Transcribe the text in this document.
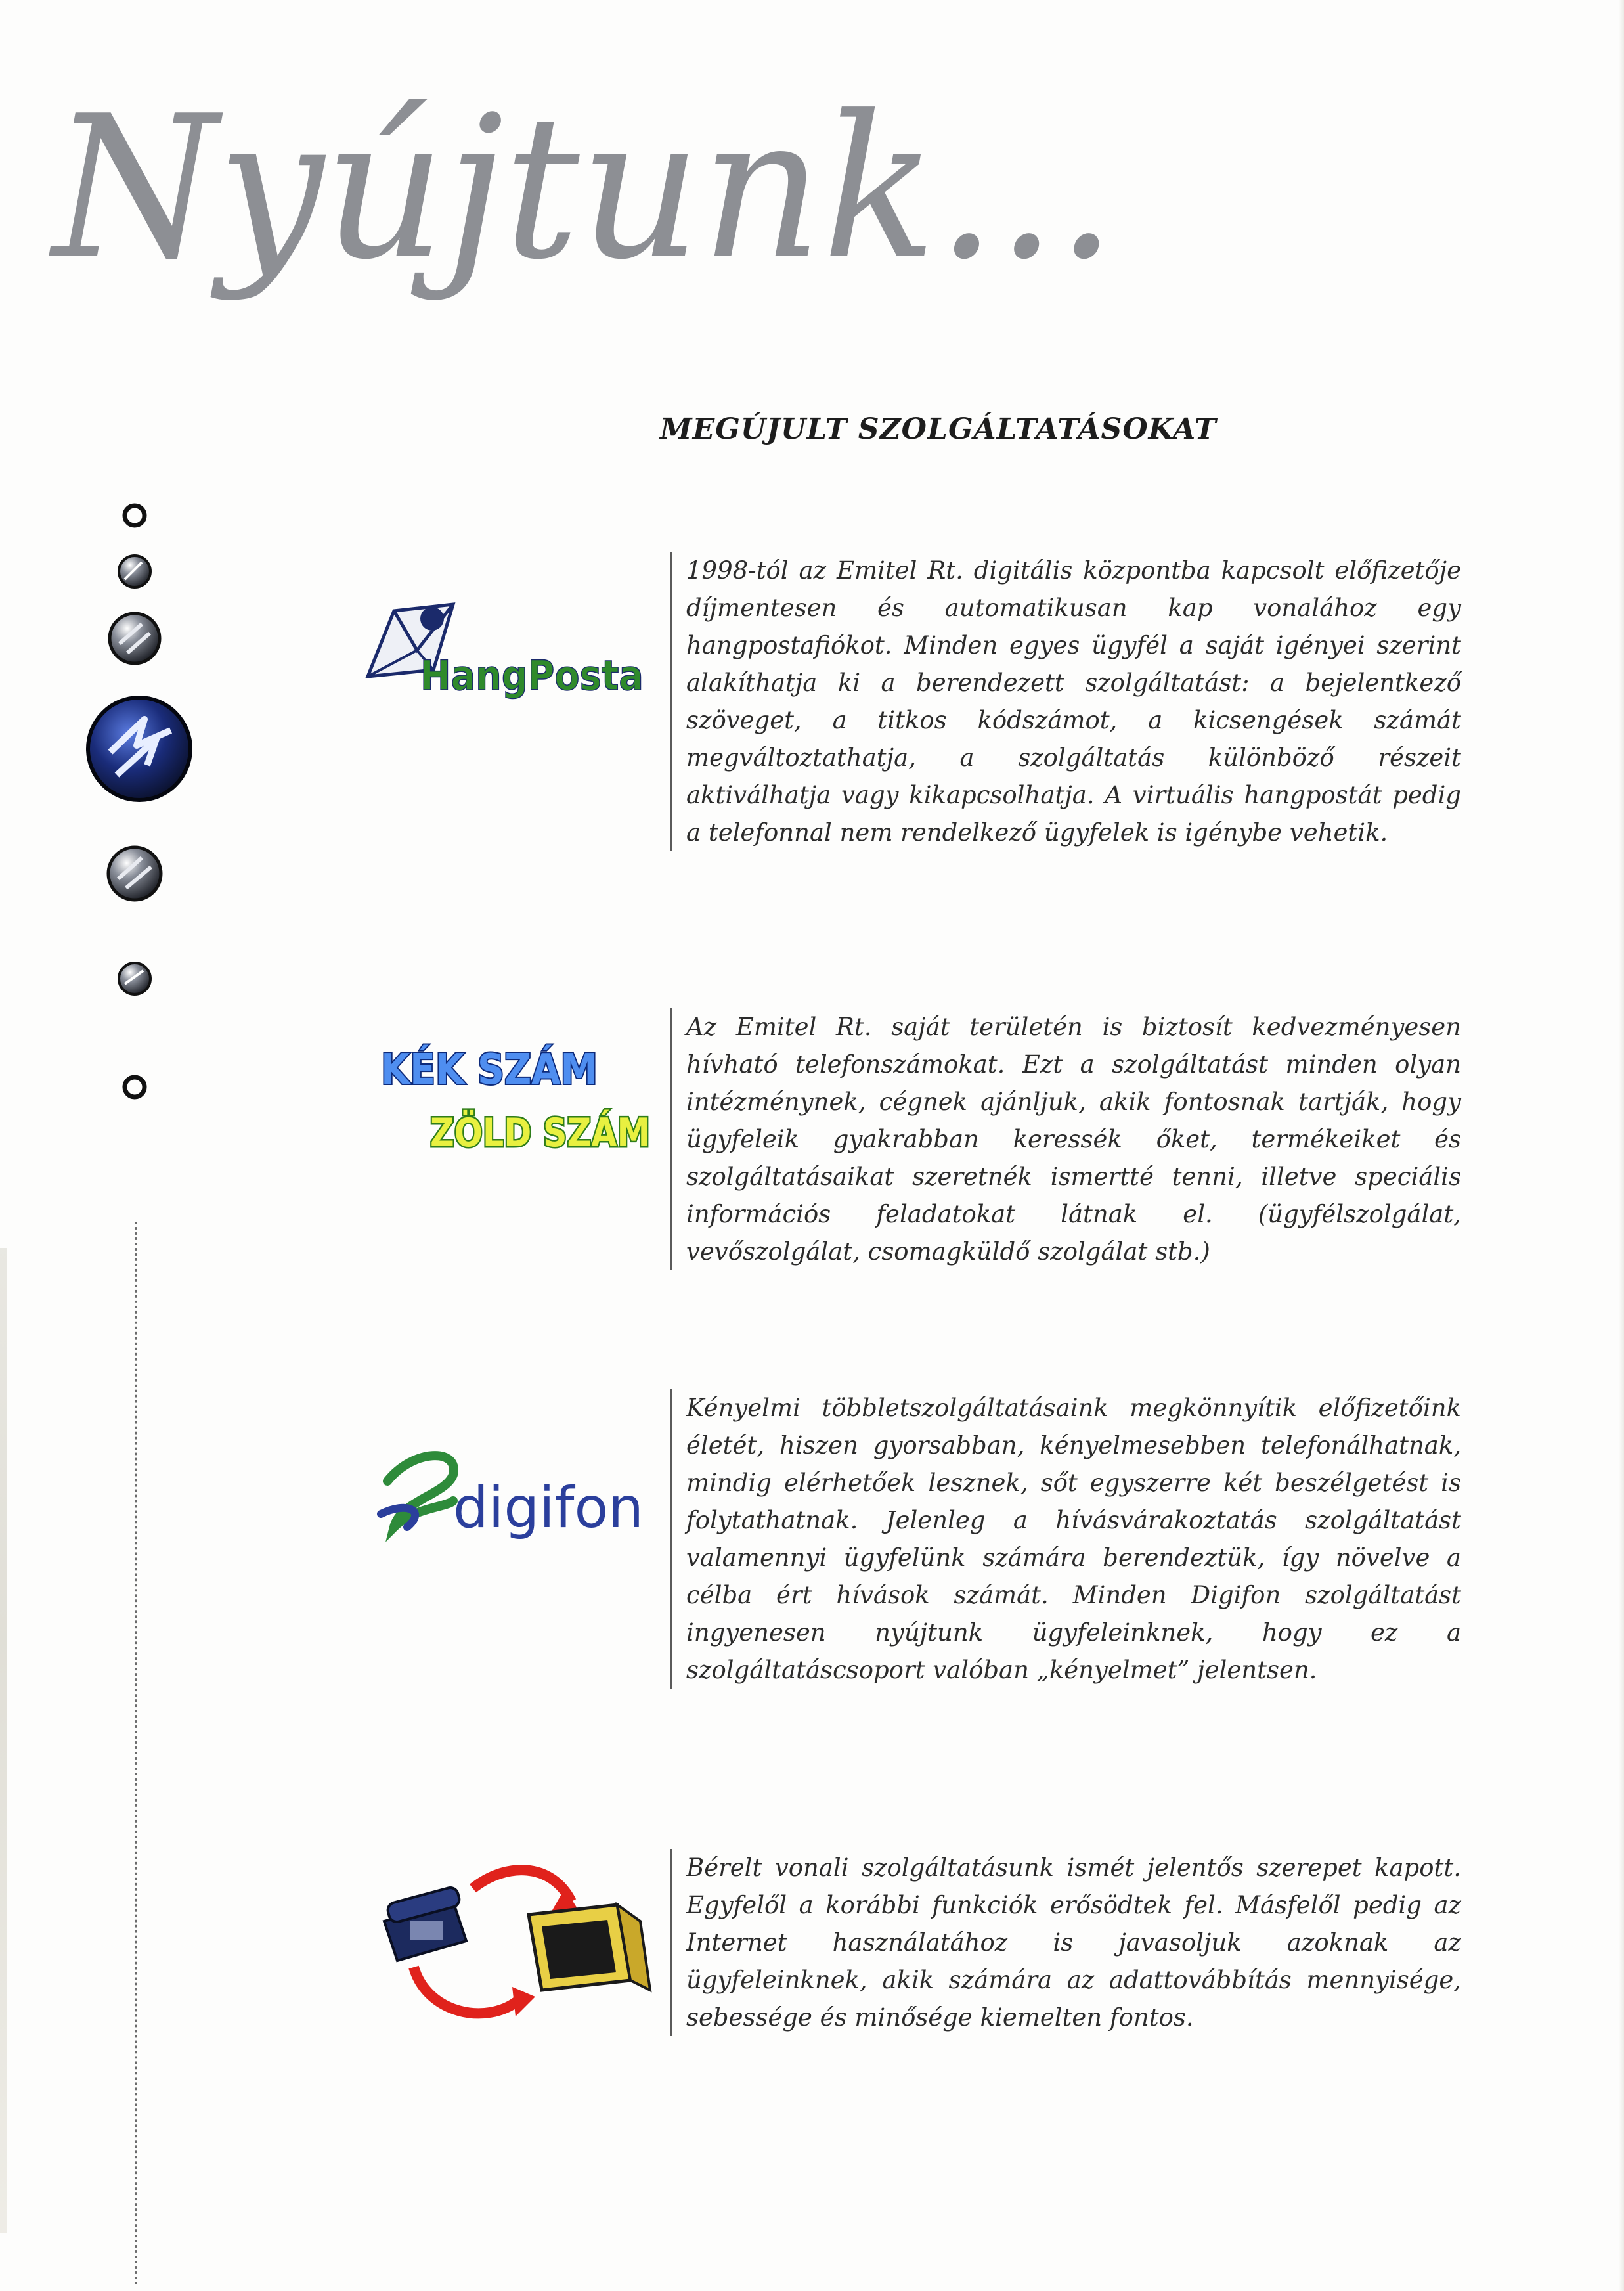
Nyújtunk...
MEGÚJULT SZOLGÁLTATÁSOKAT
HangPosta
1998-tól az Emitel Rt. digitális központba kapcsolt előfizetője díjmentesen és automatikusan kap vonalához egy hangpostafiókot. Minden egyes ügyfél a saját igényei szerint alakíthatja ki a berendezett szolgáltatást: a bejelentkező szöveget, a titkos kódszámot, a kicsengések számát megváltoztathatja, a szolgáltatás különböző részeit aktiválhatja vagy kikapcsolhatja. A virtuális hangpostát pedig a telefonnal nem rendelkező ügyfelek is igénybe vehetik.
KÉK SZÁM
ZÖLD SZÁM
Az Emitel Rt. saját területén is biztosít kedvezményesen hívható telefonszámokat. Ezt a szolgáltatást minden olyan intézménynek, cégnek ajánljuk, akik fontosnak tartják, hogy ügyfeleik gyakrabban keressék őket, termékeiket és szolgáltatásaikat szeretnék ismertté tenni, illetve speciális információs feladatokat látnak el. (ügyfélszolgálat, vevőszolgálat, csomagküldő szolgálat stb.)
digifon
Kényelmi többletszolgáltatásaink megkönnyítik előfizetőink életét, hiszen gyorsabban, kényelmesebben telefonálhatnak, mindig elérhetőek lesznek, sőt egyszerre két beszélgetést is folytathatnak. Jelenleg a hívásvárakoztatás szolgáltatást valamennyi ügyfelünk számára berendeztük, így növelve a célba ért hívások számát. Minden Digifon szolgáltatást ingyenesen nyújtunk ügyfeleinknek, hogy ez a szolgáltatáscsoport valóban „kényelmet” jelentsen.
Bérelt vonali szolgáltatásunk ismét jelentős szerepet kapott. Egyfelől a korábbi funkciók erősödtek fel. Másfelől pedig az Internet használatához is javasoljuk azoknak az ügyfeleinknek, akik számára az adattovábbítás mennyisége, sebessége és minősége kiemelten fontos.
